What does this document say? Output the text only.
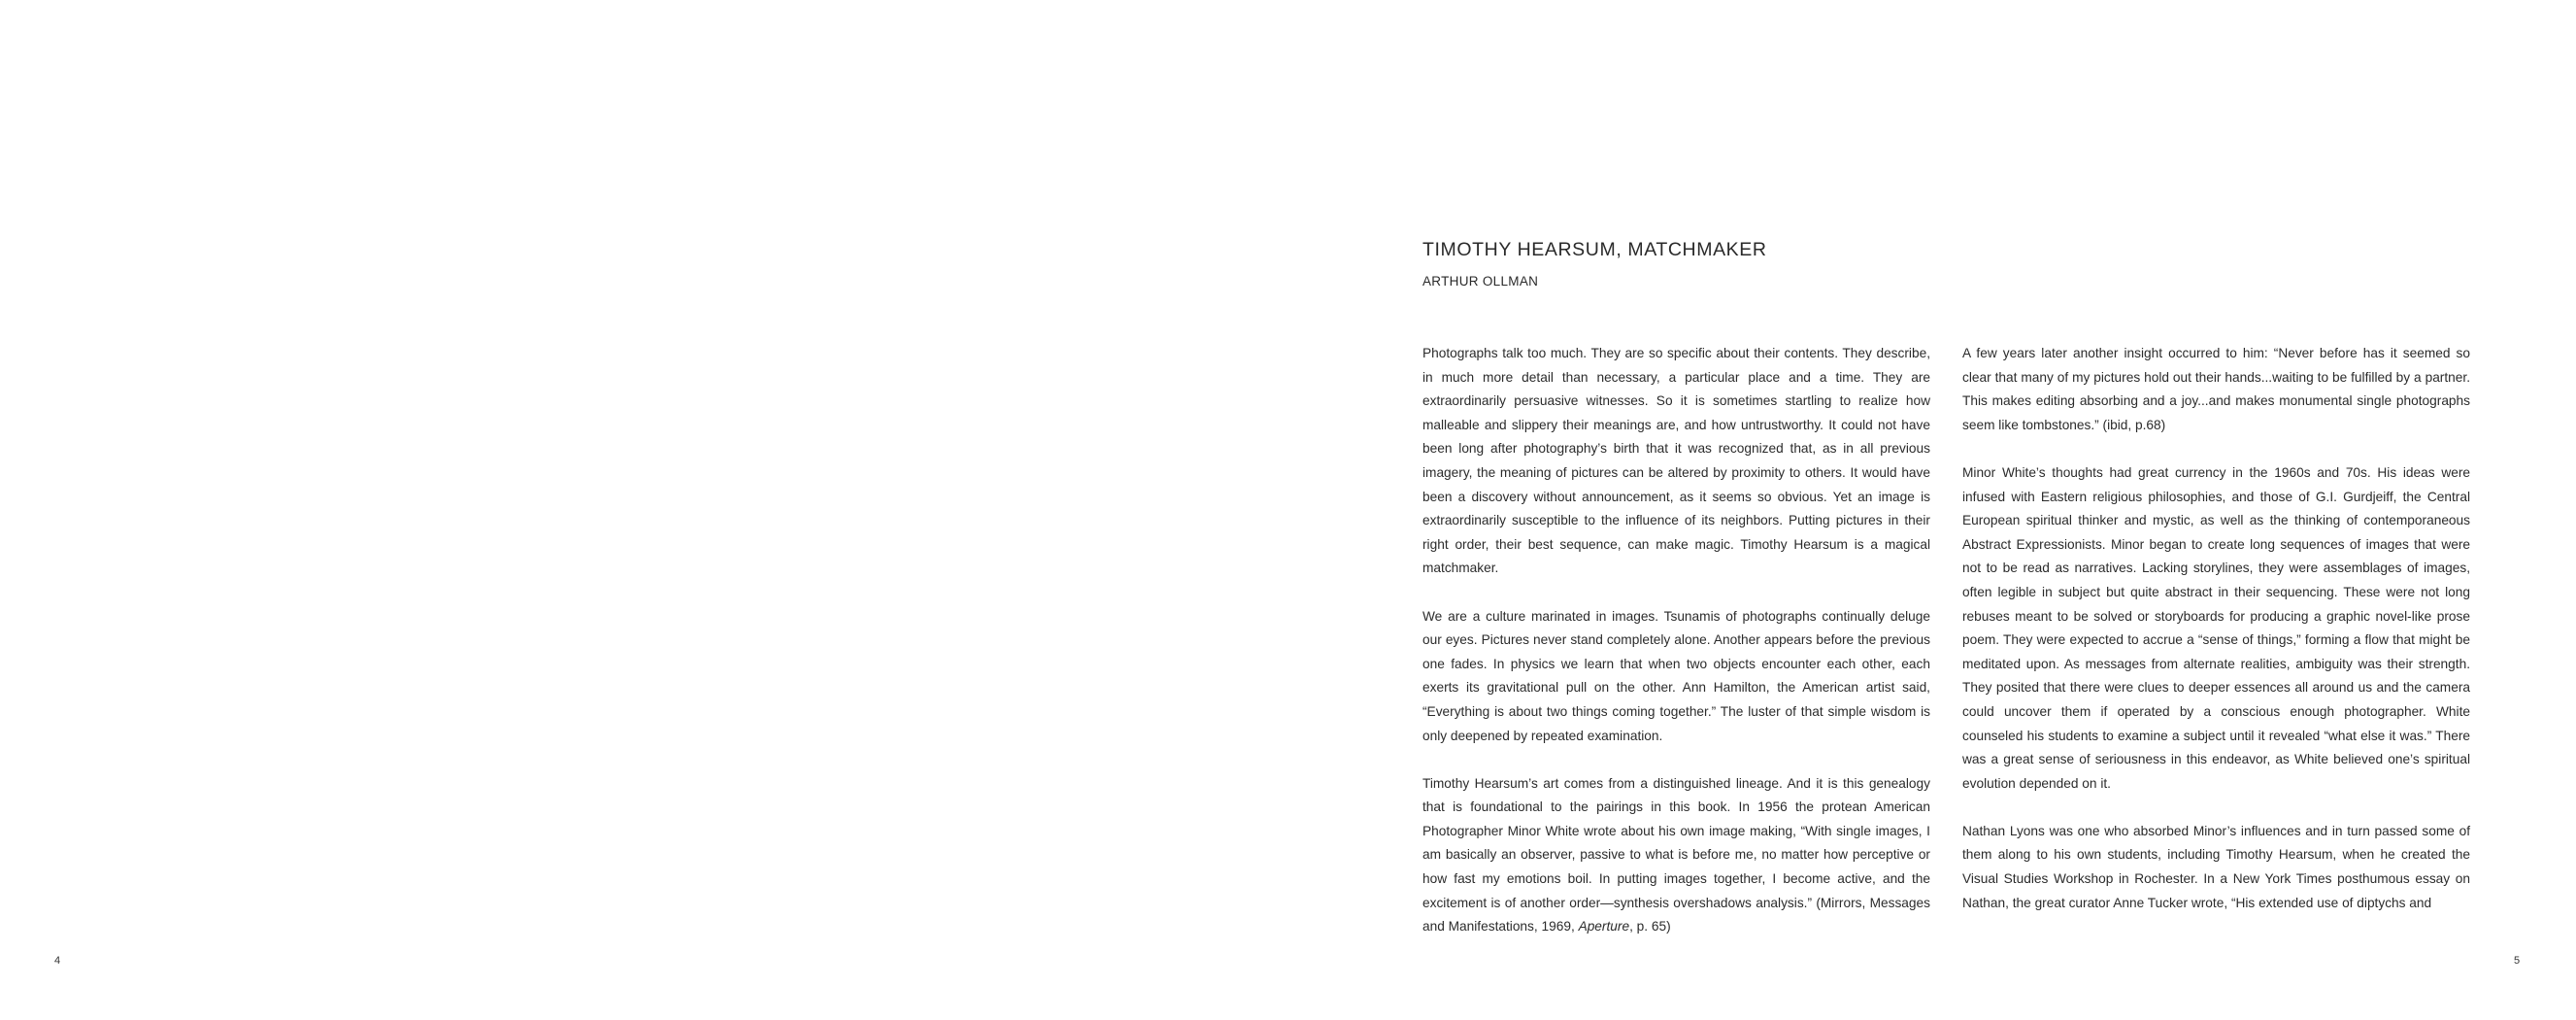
4
TIMOTHY HEARSUM, MATCHMAKER
ARTHUR OLLMAN

Photographs talk too much. They are so specific about their contents. They describe, in much more detail than necessary, a particular place and a time. They are extraordinarily persuasive witnesses. So it is sometimes startling to realize how malleable and slippery their meanings are, and how untrustworthy. It could not have been long after photography’s birth that it was recognized that, as in all previous imagery, the meaning of pictures can be altered by proximity to others. It would have been a discovery without announcement, as it seems so obvious. Yet an image is extraordinarily susceptible to the influence of its neighbors. Putting pictures in their right order, their best sequence, can make magic. Timothy Hearsum is a magical matchmaker.

We are a culture marinated in images. Tsunamis of photographs continually deluge our eyes. Pictures never stand completely alone. Another appears before the previous one fades. In physics we learn that when two objects encounter each other, each exerts its gravitational pull on the other. Ann Hamilton, the American artist said, “Everything is about two things coming together.” The luster of that simple wisdom is only deepened by repeated examination.

Timothy Hearsum’s art comes from a distinguished lineage. And it is this genealogy that is foundational to the pairings in this book. In 1956 the protean American Photographer Minor White wrote about his own image making, “With single images, I am basically an observer, passive to what is before me, no matter how perceptive or how fast my emotions boil. In putting images together, I become active, and the excitement is of another order—synthesis overshadows analysis.” (Mirrors, Messages and Manifestations, 1969, Aperture, p. 65)

A few years later another insight occurred to him: “Never before has it seemed so clear that many of my pictures hold out their hands...waiting to be fulfilled by a partner. This makes editing absorbing and a joy...and makes monumental single photographs seem like tombstones.” (ibid, p.68)

Minor White’s thoughts had great currency in the 1960s and 70s. His ideas were infused with Eastern religious philosophies, and those of G.I. Gurdjeiff, the Central European spiritual thinker and mystic, as well as the thinking of contemporaneous Abstract Expressionists. Minor began to create long sequences of images that were not to be read as narratives. Lacking storylines, they were assemblages of images, often legible in subject but quite abstract in their sequencing. These were not long rebuses meant to be solved or storyboards for producing a graphic novel-like prose poem. They were expected to accrue a “sense of things,” forming a flow that might be meditated upon. As messages from alternate realities, ambiguity was their strength. They posited that there were clues to deeper essences all around us and the camera could uncover them if operated by a conscious enough photographer. White counseled his students to examine a subject until it revealed “what else it was.” There was a great sense of seriousness in this endeavor, as White believed one’s spiritual evolution depended on it.

Nathan Lyons was one who absorbed Minor’s influences and in turn passed some of them along to his own students, including Timothy Hearsum, when he created the Visual Studies Workshop in Rochester. In a New York Times posthumous essay on Nathan, the great curator Anne Tucker wrote, “His extended use of diptychs and

5
